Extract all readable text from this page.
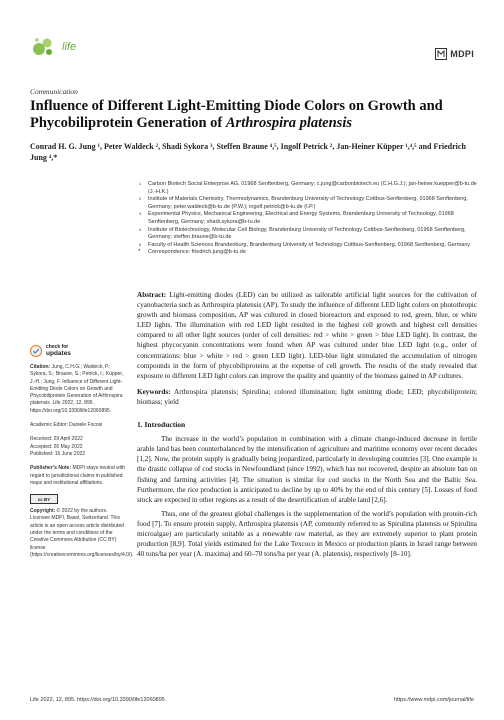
life
MDPI
Communication
Influence of Different Light-Emitting Diode Colors on Growth and Phycobiliprotein Generation of Arthrospira platensis
Conrad H. G. Jung ¹, Peter Waldeck ², Shadi Sykora ³, Steffen Braune ⁴,⁵, Ingolf Petrick ², Jan-Heiner Küpper ¹,⁴,⁵ and Friedrich Jung ⁴,*
1 Carbon Biotech Social Enterprise AG, 01968 Senftenberg, Germany; c.jung@carbonbiotech.eu (C.H.G.J.); jan-heiner.kuepper@b-tu.de (J.-H.K.)
2 Institute of Materials Chemistry, Thermodynamics, Brandenburg University of Technology Cottbus-Senftenberg, 01968 Senftenberg, Germany; peter.waldeck@b-tu.de (P.W.); ingolf.petrick@b-tu.de (I.P.)
3 Experimental Physics, Mechanical Engineering, Electrical and Energy Systems, Brandenburg University of Technology, 01968 Senftenberg, Germany; shadi.sykora@b-tu.de
4 Institute of Biotechnology, Molecular Cell Biology, Brandenburg University of Technology Cottbus-Senftenberg, 01968 Senftenberg, Germany; steffen.braune@b-tu.de
5 Faculty of Health Sciences Brandenburg, Brandenburg University of Technology Cottbus-Senftenberg, 01968 Senftenberg, Germany
* Correspondence: friedrich.jung@b-tu.de
check for
updates
Citation: Jung, C.H.G.; Waldeck, P.; Sykora, S.; Braune, S.; Petrick, I.; Küpper, J.-H.; Jung, F. Influence of Different Light-Emitting Diode Colors on Growth and Phycobiliprotein Generation of Arthrospira platensis. Life 2022, 12, 895. https://doi.org/10.3390/life12060895
Academic Editor: Daniele Focosi
Received: 29 April 2022
Accepted: 26 May 2022
Published: 15 June 2022
Publisher’s Note: MDPI stays neutral with regard to jurisdictional claims in published maps and institutional affiliations.
cc BY
Copyright: © 2022 by the authors. Licensee MDPI, Basel, Switzerland. This article is an open access article distributed under the terms and conditions of the Creative Commons Attribution (CC BY) license (https://creativecommons.org/licenses/by/4.0/).
Abstract: Light-emitting diodes (LED) can be utilized as tailorable artificial light sources for the cultivation of cyanobacteria such as Arthrospira platensis (AP). To study the influence of different LED light colors on photothropic growth and biomass composition, AP was cultured in closed bioreactors and exposed to red, green, blue, or white LED lights. The illumination with red LED light resulted in the highest cell growth and highest cell densities compared to all other light sources (order of cell densities: red > white > green > blue LED light). In contrast, the highest phycocyanin concentrations were found when AP was cultured under blue LED light (e.g., order of concentrations: blue > white > red > green LED light). LED-blue light stimulated the accumulation of nitrogen compounds in the form of phycobiliproteins at the expense of cell growth. The results of the study revealed that exposure to different LED light colors can improve the quality and quantity of the biomass gained in AP cultures.
Keywords: Arthrospira platensis; Spirulina; colored illumination; light emitting diode; LED; phycobiliprotein; biomass; yield
1. Introduction
The increase in the world’s population in combination with a climate change-induced decrease in fertile arable land has been counterbalanced by the intensification of agriculture and maritime economy over recent decades [1,2]. Now, the protein supply is gradually being jeopardized, particularly in developing countries [3]. One example is the drastic collapse of cod stocks in Newfoundland (since 1992), which has not recovered, despite an absolute ban on fishing and farming activities [4]. The situation is similar for cod stocks in the North Sea and the Baltic Sea. Furthermore, the rice production is anticipated to decline by up to 40% by the end of this century [5]. Losses of food stock are expected in other regions as a result of the desertification of arable land [2,6].
Thus, one of the greatest global challenges is the supplementation of the world’s population with protein-rich food [7]. To ensure protein supply, Arthrospira platensis (AP, commonly referred to as Spirulina platensis or Spirulina microalgae) are particularly suitable as a renewable raw material, as they are extremely superior to plant protein production [8,9]. Total yields estimated for the Lake Texcoco in Mexico or production plants in Israel range between 40 tons/ha per year (A. maxima) and 60–70 tons/ha per year (A. platensis), respectively [8–10].
Life 2022, 12, 895. https://doi.org/10.3390/life12060895	https://www.mdpi.com/journal/life
